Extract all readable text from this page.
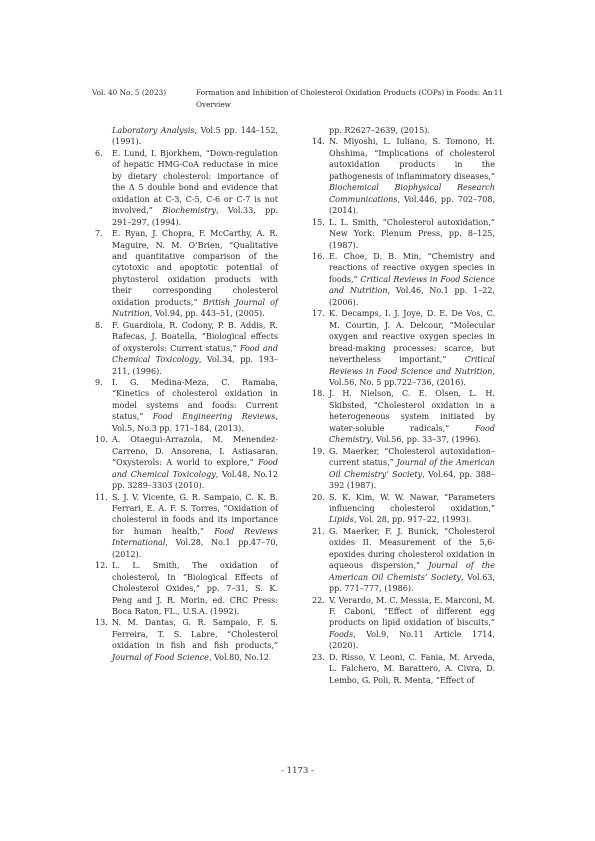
Vol. 40 No. 5 (2023)	Formation and Inhibition of Cholesterol Oxidation Products (COPs) in Foods: An Overview
11
Laboratory Analysis, Vol.5 pp. 144–152, (1991).
6. E. Lund, I. Bjorkhem, “Down-regulation of hepatic HMG-CoA reductase in mice by dietary cholesterol: importance of the Δ 5 double bond and evidence that oxidation at C-3, C-5, C-6 or C-7 is not involved,” Biochemistry, Vol.33, pp. 291–297, (1994).
7. E. Ryan, J. Chopra, F. McCarthy, A. R. Maguire, N. M. O’Brien, “Qualitative and quantitative comparison of the cytotoxic and apoptotic potential of phytosterol oxidation products with their corresponding cholesterol oxidation products,” British Journal of Nutrition, Vol.94, pp. 443–51, (2005).
8. F. Guardiola, R. Codony, P. B. Addis, R. Rafecas, J. Boatella, “Biological effects of oxysterols: Current status,” Food and Chemical Toxicology, Vol.34, pp. 193–211, (1996).
9. I. G. Medina-Meza, C. Ramaba, “Kinetics of cholesterol oxidation in model systems and foods: Current status,” Food Engineering Reviews, Vol.5, No.3 pp. 171–184, (2013).
10. A. Otaegui-Arrazola, M. Menendez-Carreno, D. Ansorena, I. Astiasaran, “Oxysterols: A world to explore,” Food and Chemical Toxicology, Vol.48, No.12 pp. 3289–3303 (2010).
11. S. J. V. Vicente, G. R. Sampaio, C. K. B. Ferrari, E. A. F. S. Torres, “Oxidation of cholesterol in foods and its importance for human health,” Food Reviews International, Vol.28, No.1 pp.47–70, (2012).
12. L. L. Smith, The oxidation of cholesterol, In “Biological Effects of Cholesterol Oxides,” pp. 7–31, S. K. Peng and J. R. Morin, ed. CRC Press: Boca Raton, FL., U.S.A. (1992).
13. N. M. Dantas, G. R. Sampaio, F. S. Ferreira, T. S. Labre, “Cholesterol oxidation in fish and fish products,” Journal of Food Science, Vol.80, No.12
pp. R2627–2639, (2015).
14. N. Miyoshi, L. Iuliano, S. Tomono, H. Ohshima, “Implications of cholesterol autoxidation products in the pathogenesis of inflammatory diseases,” Biochemical Biophysical Research Communications, Vol.446, pp. 702–708, (2014).
15. L. L. Smith, “Cholesterol autoxidation,” New York: Plenum Press, pp. 8–125, (1987).
16. E. Choe, D. B. Min, “Chemistry and reactions of reactive oxygen species in foods,” Critical Reviews in Food Science and Nutrition, Vol.46, No.1 pp. 1–22, (2006).
17. K. Decamps, I. J. Joye, D. E. De Vos, C. M. Courtin, J. A. Delcour, “Molecular oxygen and reactive oxygen species in bread-making processes: scarce, but nevertheless important,” Critical Reviews in Food Science and Nutrition, Vol.56, No. 5 pp.722–736, (2016).
18. J. H. Nielson, C. E. Olsen, L. H. Skibsted, “Cholesterol oxidation in a heterogeneous system initiated by water-soluble radicals,” Food Chemistry, Vol.56, pp. 33–37, (1996).
19. G. Maerker, “Cholesterol autoxidation–current status,” Journal of the American Oil Chemistry’ Society, Vol.64, pp. 388–392 (1987).
20. S. K. Kim, W. W. Nawar, “Parameters influencing cholesterol oxidation,” Lipids, Vol. 28, pp. 917–22, (1993).
21. G. Maerker, F. J. Bunick, “Cholesterol oxides II. Measurement of the 5,6-epoxides during cholesterol oxidation in aqueous dispersion,” Journal of the American Oil Chemists’ Society, Vol.63, pp. 771–777, (1986).
22. V. Verardo, M. C. Messia, E. Marconi, M. F. Caboni, “Effect of different egg products on lipid oxidation of biscuits,” Foods, Vol.9, No.11 Article 1714, (2020).
23. D. Risso, V. Leoni, C. Fania, M. Arveda, L. Falchero, M. Barattero, A. Civra, D. Lembo, G. Poli, R. Menta, “Effect of
- 1173 -
